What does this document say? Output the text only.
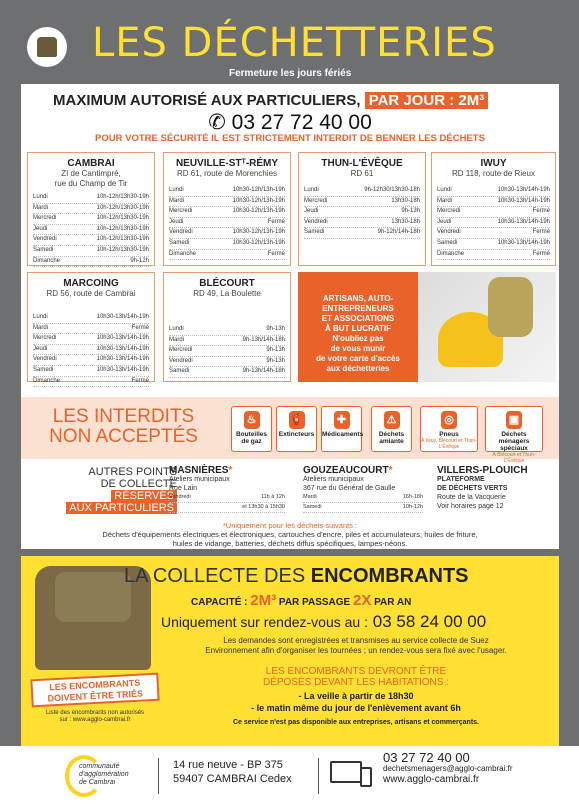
LES DÉCHETTERIES
Fermeture les jours fériés
MAXIMUM AUTORISÉ AUX PARTICULIERS, PAR JOUR : 2M³
✆ 03 27 72 40 00
POUR VOTRE SÉCURITÉ IL EST STRICTEMENT INTERDIT DE BENNER LES DÉCHETS
CAMBRAI
ZI de Cantimpré,
rue du Champ de Tir
Lundi	10h-12h/13h30-19h
Mardi	10h-12h/13h30-19h
Mercredi	10h-12h/13h30-19h
Jeudi	10h-12h/13h30-19h
Vendredi	10h-12h/13h30-19h
Samedi	10h-12h/13h30-19h
Dimanche	9h-12h
NEUVILLE-STᵀ-RÉMY
RD 61, route de Morenchies
Lundi	10h30-12h/13h-19h
Mardi	10h30-12h/13h-19h
Mercredi	10h30-12h/13h-19h
Jeudi	Fermé
Vendredi	10h30-12h/13h-19h
Samedi	10h30-12h/13h-19h
Dimanche	Fermé
THUN-L'ÉVÊQUE
RD 61
Lundi	9h-12h30/13h30-18h
Mercredi	13h30-18h
Jeudi	9h-13h
Vendredi	13h30-18h
Samedi	9h-12h/14h-18h
IWUY
RD 118, route de Rieux
Lundi	10h30-13h/14h-19h
Mardi	10h30-13h/14h-19h
Mercredi	Fermé
Jeudi	10h30-13h/14h-19h
Vendredi	Fermé
Samedi	10h30-13h/14h-19h
Dimanche	Fermé
MARCOING
RD 56, route de Cambrai
Lundi	10h30-13h/14h-19h
Mardi	Fermé
Mercredi	10h30-13h/14h-19h
Jeudi	10h30-13h/14h-19h
Vendredi	10h30-13h/14h-19h
Samedi	10h30-13h/14h-19h
Dimanche	Fermé
BLÉCOURT
RD 49, La Boulette
Lundi	9h-13h
Mardi	9h-13h/14h-18h
Mercredi	9h-13h
Vendredi	9h-13h
Samedi	9h-13h/14h-18h
ARTISANS, AUTO-
ENTREPRENEURS
ET ASSOCIATIONS
À BUT LUCRATIF
N'oubliez pas
de vous munir
de votre carte d'accès
aux déchetteries
LES INTERDITS
NON ACCEPTÉS
♨
Bouteilles de gaz
🧯
Extincteurs
✚
Médicaments
⚠
Déchets amiante
◎
Pneus
À Iwuy, Blécourt et Thun-L'Évêque
▣
Déchets ménagers spéciaux
À Blécourt et Thun-L'Évêque
AUTRES POINTS
DE COLLECTE
RÉSERVÉS
AUX PARTICULIERS
MASNIÈRES*
Ateliers municipaux
Rue Lain
Vendredi	11h à 12h
et 13h30 à 15h30
GOUZEAUCOURT*
Ateliers municipaux
367 rue du Général de Gaulle
Mardi	16h-18h
Samedi	10h-12h
VILLERS-PLOUICH
PLATEFORME
DE DÉCHETS VERTS
Route de la Vacquerie
Voir horaires page 12
*Uniquement pour les déchets suivants :
Déchets d'équipements électriques et électroniques, cartouches d'encre, piles et accumulateurs, huiles de friture,
huiles de vidange, batteries, déchets diffus spécifiques, lampes-néons.
LES ENCOMBRANTS
DOIVENT ÊTRE TRIÉS
Liste des encombrants non autorisés
sur : www.agglo-cambrai.fr
LA COLLECTE DES ENCOMBRANTS
CAPACITÉ : 2M³ PAR PASSAGE 2X PAR AN
Uniquement sur rendez-vous au : 03 58 24 00 00
Les demandes sont enregistrées et transmises au service collecte de Suez
Environnement afin d'organiser les tournées ; un rendez-vous sera fixé avec l'usager.
LES ENCOMBRANTS DEVRONT ÊTRE
DÉPOSÉS DEVANT LES HABITATIONS :
- La veille à partir de 18h30
- le matin même du jour de l'enlèvement avant 6h
Ce service n'est pas disponible aux entreprises, artisans et commerçants.
communauté
d'agglomération
de Cambrai
14 rue neuve - BP 375
59407 CAMBRAI Cedex
03 27 72 40 00
dechetsmenagers@agglo-cambrai.fr
www.agglo-cambrai.fr
